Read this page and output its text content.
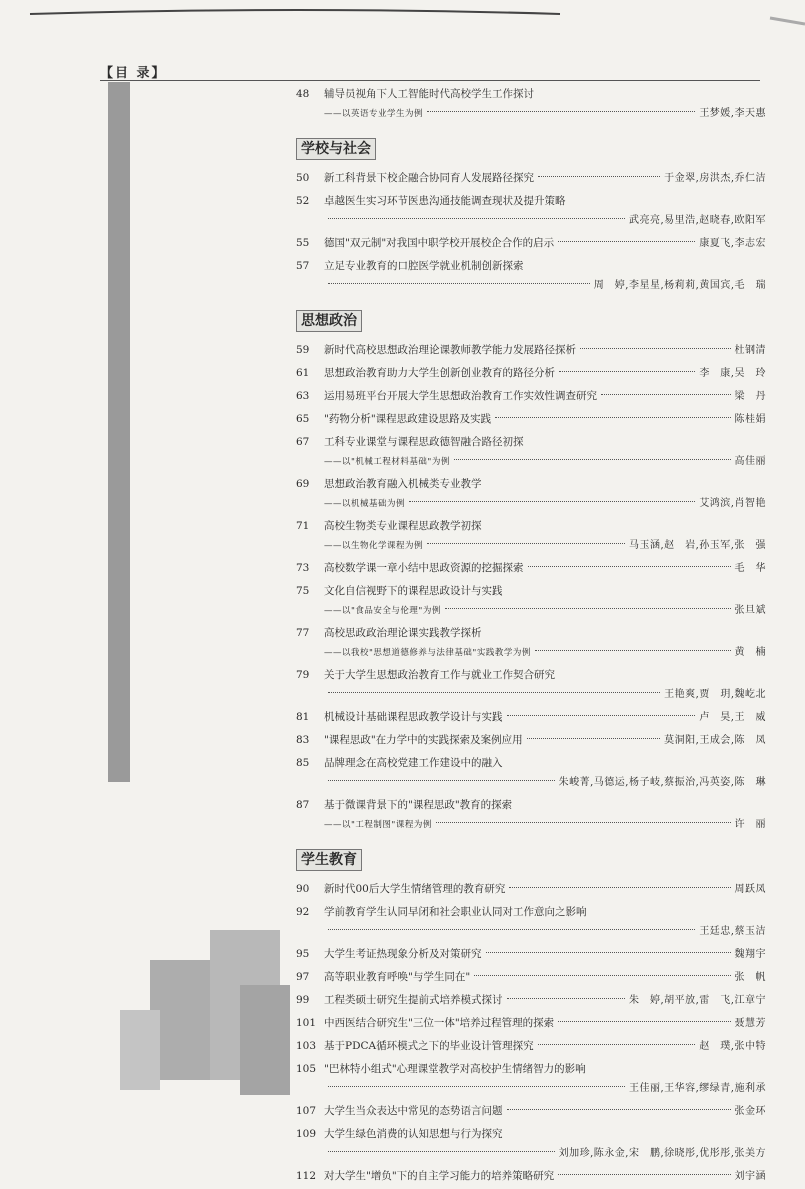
【目 录】
48	辅导员视角下人工智能时代高校学生工作探讨
——以英语专业学生为例	王梦媛,李天惠
学校与社会
50	新工科背景下校企融合协同育人发展路径探究	于金翠,房洪杰,乔仁洁
52	卓越医生实习环节医患沟通技能调查现状及提升策略
武亮亮,易里浩,赵晓春,欧阳军
55	德国"双元制"对我国中职学校开展校企合作的启示	康夏飞,李志宏
57	立足专业教育的口腔医学就业机制创新探索
周　婷,李星星,杨莉莉,黄国宾,毛　瑞
思想政治
59	新时代高校思想政治理论课教师教学能力发展路径探析	杜钢清
61	思想政治教育助力大学生创新创业教育的路径分析	李　康,吴　玲
63	运用易班平台开展大学生思想政治教育工作实效性调查研究	梁　丹
65	"药物分析"课程思政建设思路及实践	陈桂娟
67	工科专业课堂与课程思政德智融合路径初探
——以"机械工程材料基础"为例	高佳丽
69	思想政治教育融入机械类专业教学
——以机械基础为例	艾鸿滨,肖智艳
71	高校生物类专业课程思政教学初探
——以生物化学课程为例	马玉涵,赵　岩,孙玉军,张　强
73	高校数学课一章小结中思政资源的挖掘探索	毛　华
75	文化自信视野下的课程思政设计与实践
——以"食品安全与伦理"为例	张旦斌
77	高校思政政治理论课实践教学探析
——以我校"思想道德修养与法律基础"实践教学为例	黄　楠
79	关于大学生思想政治教育工作与就业工作契合研究
王艳爽,贾　玥,魏屹北
81	机械设计基础课程思政教学设计与实践	卢　昊,王　威
83	"课程思政"在力学中的实践探索及案例应用	莫洞阳,王成会,陈　凤
85	品牌理念在高校党建工作建设中的融入
朱峻菁,马德运,杨子岐,蔡振治,冯英姿,陈　琳
87	基于微课背景下的"课程思政"教育的探索
——以"工程制图"课程为例	许　丽
学生教育
90	新时代00后大学生情绪管理的教育研究	周跃凤
92	学前教育学生认同早闭和社会职业认同对工作意向之影响
王廷忠,蔡玉洁
95	大学生考证热现象分析及对策研究	魏翔宇
97	高等职业教育呼唤"与学生同在"	张　帆
99	工程类硕士研究生提前式培养模式探讨	朱　婷,胡平放,雷　飞,江章宁
101 中西医结合研究生"三位一体"培养过程管理的探索	聂慧芳
103 基于PDCA循环模式之下的毕业设计管理探究	赵　璞,张中特
105 "巴林特小组式"心理课堂教学对高校护生情绪智力的影响
王佳丽,王华容,缪绿青,施利承
107 大学生当众表达中常见的态势语言问题	张金环
109 大学生绿色消费的认知思想与行为探究
刘加珍,陈永金,宋　鹏,徐晓彤,优彤彤,张美方
112 对大学生"增负"下的自主学习能力的培养策略研究	刘宇涵
